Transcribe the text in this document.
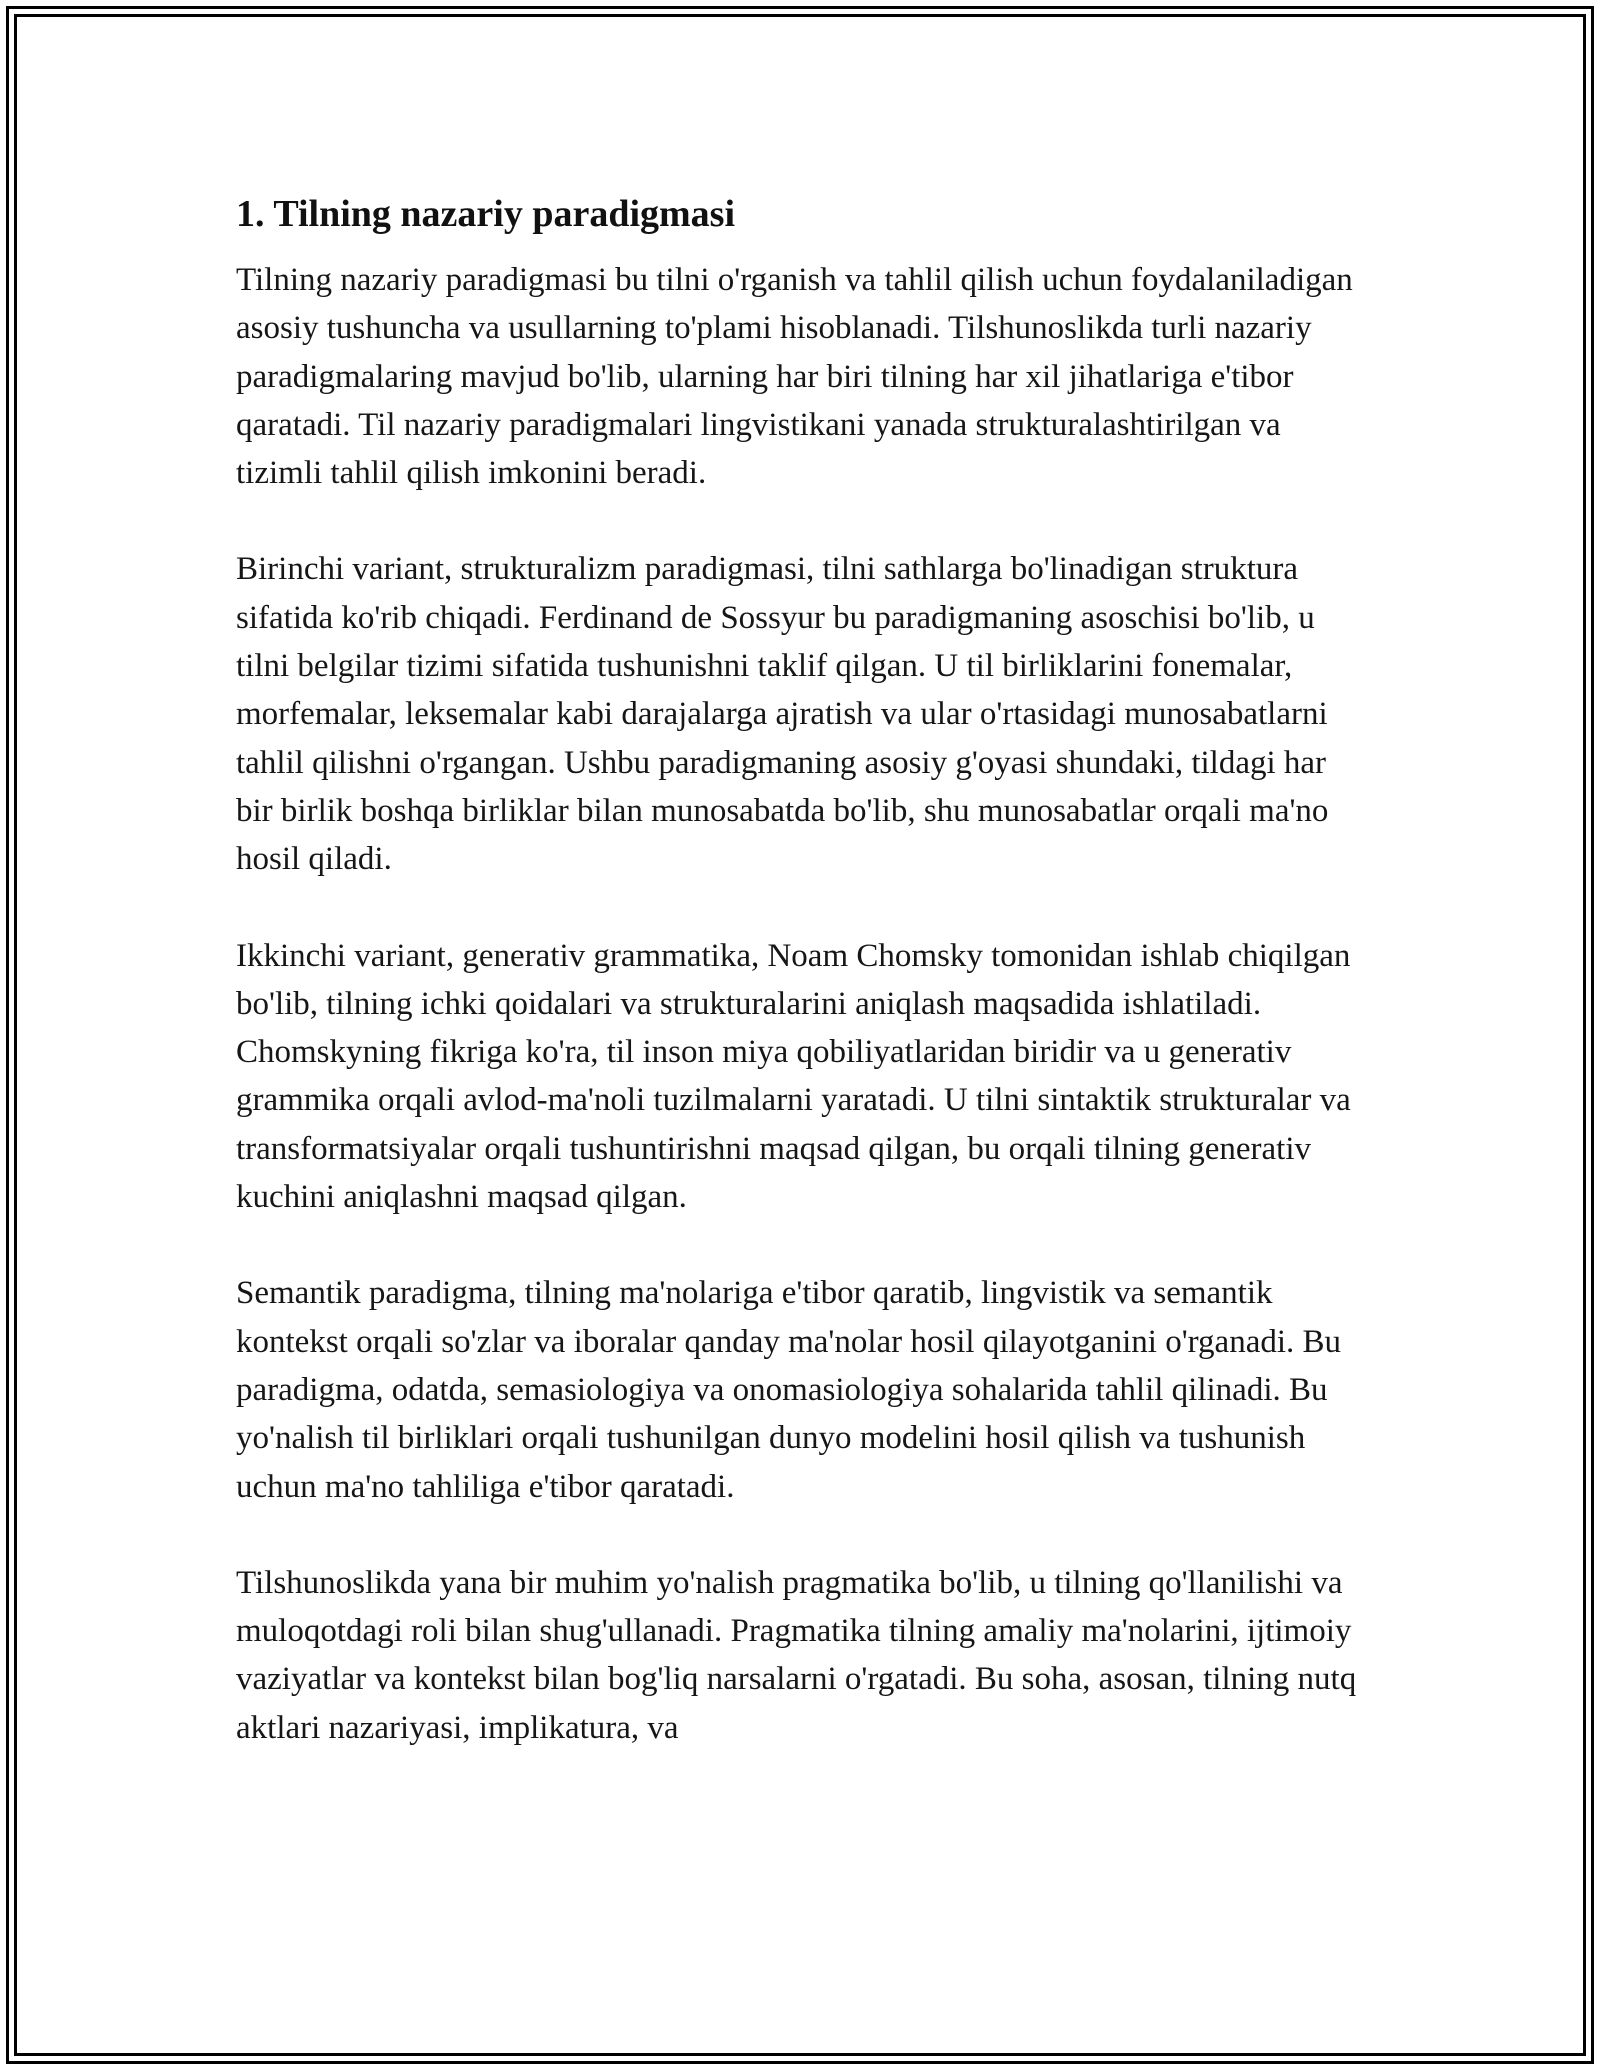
1. Tilning nazariy paradigmasi

Tilning nazariy paradigmasi bu tilni o'rganish va tahlil qilish uchun foydalaniladigan asosiy tushuncha va usullarning to'plami hisoblanadi. Tilshunoslikda turli nazariy paradigmalaring mavjud bo'lib, ularning har biri tilning har xil jihatlariga e'tibor qaratadi. Til nazariy paradigmalari lingvistikani yanada strukturalashtirilgan va tizimli tahlil qilish imkonini beradi.

Birinchi variant, strukturalizm paradigmasi, tilni sathlarga bo'linadigan struktura sifatida ko'rib chiqadi. Ferdinand de Sossyur bu paradigmaning asoschisi bo'lib, u tilni belgilar tizimi sifatida tushunishni taklif qilgan. U til birliklarini fonemalar, morfemalar, leksemalar kabi darajalarga ajratish va ular o'rtasidagi munosabatlarni tahlil qilishni o'rgangan. Ushbu paradigmaning asosiy g'oyasi shundaki, tildagi har bir birlik boshqa birliklar bilan munosabatda bo'lib, shu munosabatlar orqali ma'no hosil qiladi.

Ikkinchi variant, generativ grammatika, Noam Chomsky tomonidan ishlab chiqilgan bo'lib, tilning ichki qoidalari va strukturalarini aniqlash maqsadida ishlatiladi. Chomskyning fikriga ko'ra, til inson miya qobiliyatlaridan biridir va u generativ grammika orqali avlod-ma'noli tuzilmalarni yaratadi. U tilni sintaktik strukturalar va transformatsiyalar orqali tushuntirishni maqsad qilgan, bu orqali tilning generativ kuchini aniqlashni maqsad qilgan.

Semantik paradigma, tilning ma'nolariga e'tibor qaratib, lingvistik va semantik kontekst orqali so'zlar va iboralar qanday ma'nolar hosil qilayotganini o'rganadi. Bu paradigma, odatda, semasiologiya va onomasiologiya sohalarida tahlil qilinadi. Bu yo'nalish til birliklari orqali tushunilgan dunyo modelini hosil qilish va tushunish uchun ma'no tahliliga e'tibor qaratadi.

Tilshunoslikda yana bir muhim yo'nalish pragmatika bo'lib, u tilning qo'llanilishi va muloqotdagi roli bilan shug'ullanadi. Pragmatika tilning amaliy ma'nolarini, ijtimoiy vaziyatlar va kontekst bilan bog'liq narsalarni o'rgatadi. Bu soha, asosan, tilning nutq aktlari nazariyasi, implikatura, va
